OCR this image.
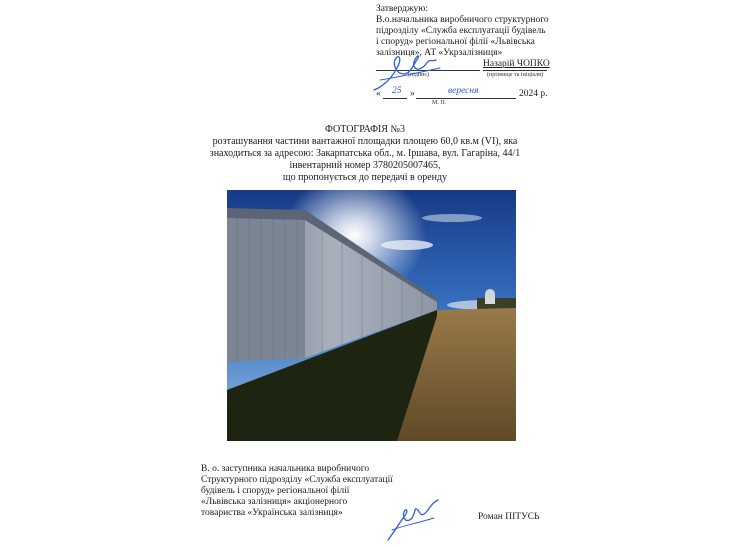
Затверджую:
В.о.начальника виробничого структурного
підрозділу «Служба експлуатації будівель
і споруд» регіональної філії «Львівська
залізниця», АТ «Укрзалізниця»
Назарій ЧОПКО
(підпис)	(прізвище та ініціали)
« 25 »	вересня	2024 р.
М. П.
ФОТОГРАФІЯ №3
розташування частини вантажної площадки площею 60,0 кв.м (VI), яка
знаходиться за адресою: Закарпатська обл., м. Іршава, вул. Гагаріна, 44/1
інвентарний номер 3780205007465,
що пропонується до передачі в оренду
В. о. заступника начальника виробничого
Структурного підрозділу «Служба експлуатації
будівель і споруд» регіональної філії
«Львівська залізниця» акціонерного
товариства «Українська залізниця»	Роман ПІТУСЬ
